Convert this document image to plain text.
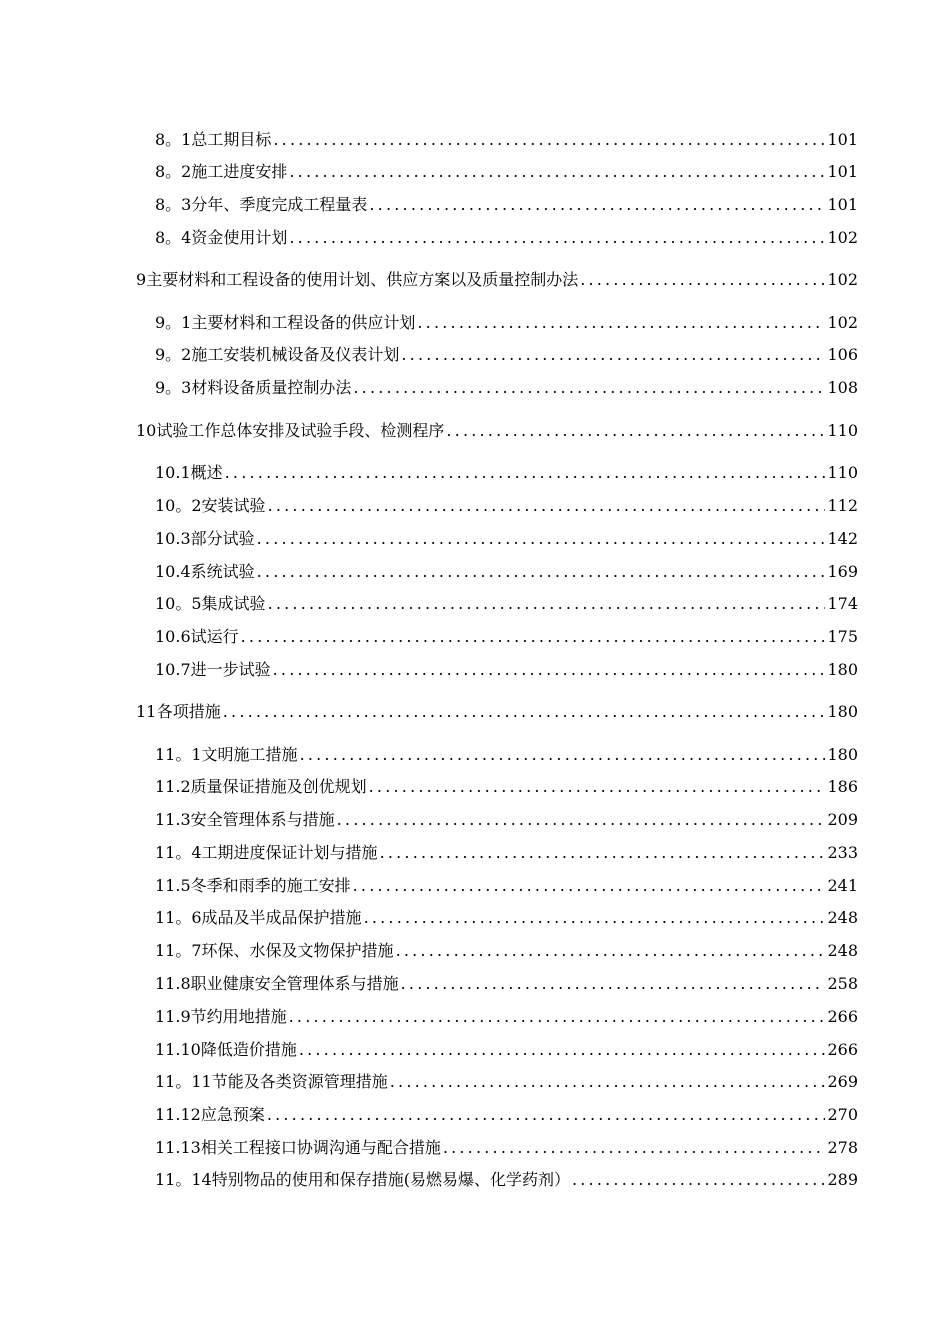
8。1 总工期目标 .....	101
8。2 施工进度安排 .....	101
8。3 分年、季度完成工程量表 .....	101
8。4 资金使用计划 .....	102
9 主要材料和工程设备的使用计划、供应方案以及质量控制办法 .....	102
9。1 主要材料和工程设备的供应计划 .....	102
9。2 施工安装机械设备及仪表计划 .....	106
9。3 材料设备质量控制办法 .....	108
10 试验工作总体安排及试验手段、检测程序 .....	110
10.1 概述 .....	110
10。2 安装试验 .....	112
10.3 部分试验 .....	142
10.4 系统试验 .....	169
10。5 集成试验 .....	174
10.6 试运行 .....	175
10.7 进一步试验 .....	180
11 各项措施 .....	180
11。1 文明施工措施 .....	180
11.2 质量保证措施及创优规划 .....	186
11.3 安全管理体系与措施 .....	209
11。4 工期进度保证计划与措施 .....	233
11.5 冬季和雨季的施工安排 .....	241
11。6 成品及半成品保护措施 .....	248
11。7 环保、水保及文物保护措施 .....	248
11.8 职业健康安全管理体系与措施 .....	258
11.9 节约用地措施 .....	266
11.10 降低造价措施 .....	266
11。11 节能及各类资源管理措施 .....	269
11.12 应急预案 .....	270
11.13 相关工程接口协调沟通与配合措施 .....	278
11。14 特别物品的使用和保存措施(易燃易爆、化学药剂） .....	289
